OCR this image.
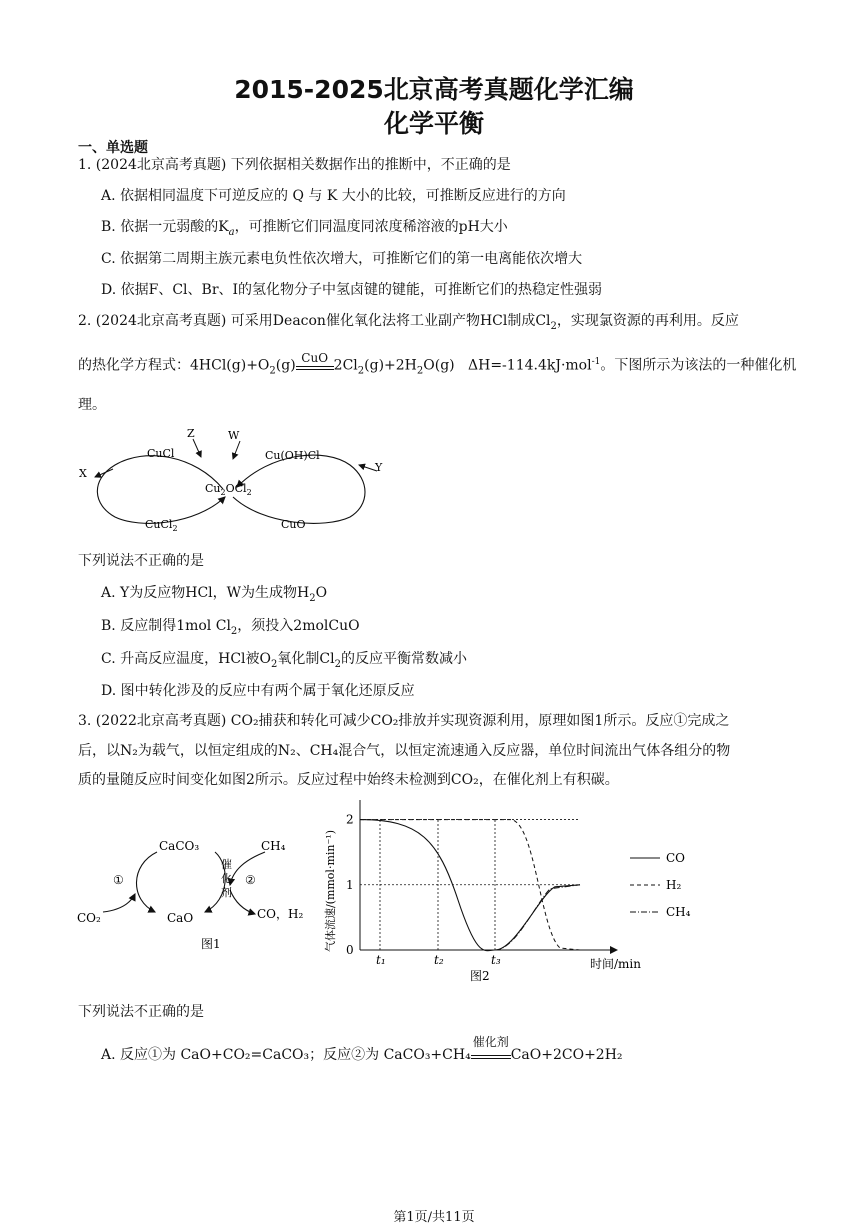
2015-2025北京高考真题化学汇编
化学平衡
一、单选题
1. (2024北京高考真题) 下列依据相关数据作出的推断中，不正确的是
A. 依据相同温度下可逆反应的 Q 与 K 大小的比较，可推断反应进行的方向
B. 依据一元弱酸的$K_a$，可推断它们同温度同浓度稀溶液的pH大小
C. 依据第二周期主族元素电负性依次增大，可推断它们的第一电离能依次增大
D. 依据F、Cl、Br、I的氢化物分子中氢卤键的键能，可推断它们的热稳定性强弱
2. (2024北京高考真题) 可采用Deacon催化氧化法将工业副产物HCl制成$Cl_2$，实现氯资源的再利用。反应
的热化学方程式：$4HCl(g)+O_2(g)$ CuO $2Cl_2(g)+2H_2O(g)$ ΔH=-114.4kJ·mol$^{-1}$。下图所示为该法的一种催化机
理。
CuCl	Cu(OH)Cl
$Cu_2OCl_2$
CuCl$_2$	CuO
X	Y
Z	W
下列说法不正确的是
A. Y为反应物HCl，W为生成物$H_2O$
B. 反应制得1mol $Cl_2$，须投入2molCuO
C. 升高反应温度，HCl被$O_2$氧化制$Cl_2$的反应平衡常数减小
D. 图中转化涉及的反应中有两个属于氧化还原反应
3. (2022北京高考真题) CO₂捕获和转化可减少CO₂排放并实现资源利用，原理如图1所示。反应①完成之
后，以N₂为载气，以恒定组成的N₂、CH₄混合气，以恒定流速通入反应器，单位时间流出气体各组分的物
质的量随反应时间变化如图2所示。反应过程中始终未检测到CO₂，在催化剂上有积碳。
CaCO₃	CH₄
CO₂	CaO	CO，H₂
①	②
催
化
剂
图1	0
1
2
t₁	t₂	t₃	时间/min
气体流速/(mmol·min⁻¹)
图2
CO
H₂
CH₄
下列说法不正确的是
A. 反应①为 CaO+CO₂=CaCO₃；反应②为 CaCO₃+CH₄
催化剂
CaO+2CO+2H₂
第1页/共11页
